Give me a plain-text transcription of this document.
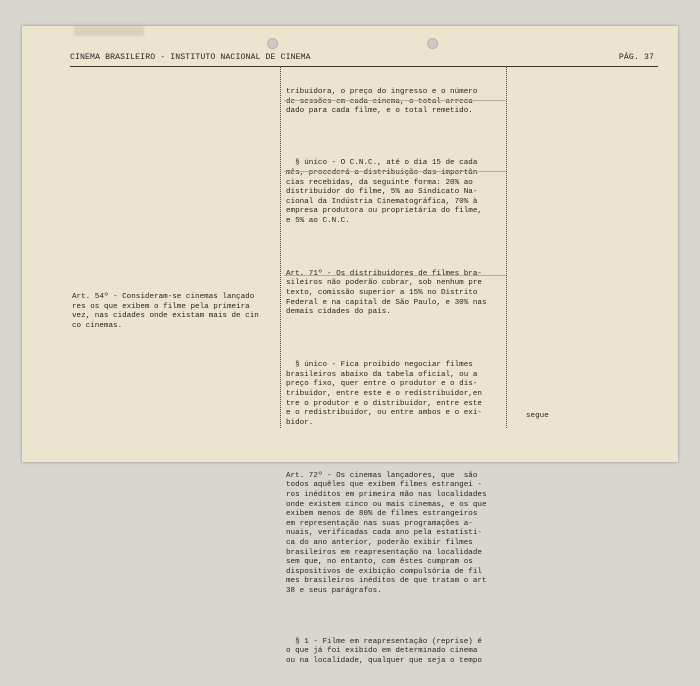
CINEMA BRASILEIRO - INSTITUTO NACIONAL DE CINEMA	PÁG. 37

Art. 54º - Consideram-se cinemas lançado
res os que exibem o filme pela primeira
vez, nas cidades onde existam mais de cin
co cinemas.

tribuidora, o preço do ingresso e o número
de sessões em cada cinema, o total arreca-
dado para cada filme, e o total remetido.

§ único - O C.N.C., até o dia 15 de cada
mês, procederá a distribuição das importân
cias recebidas, da seguinte forma: 20% ao
distribuidor do filme, 5% ao Sindicato Na-
cional da Indústria Cinematográfica, 70% à
empresa produtora ou proprietária do filme,
e 5% ao C.N.C.

Art. 71º - Os distribuidores de filmes bra-
sileiros não poderão cobrar, sob nenhum pre
texto, comissão superior a 15% no Distrito
Federal e na capital de São Paulo, e 30% nas
demais cidades do país.

§ único - Fica proibido negociar filmes
brasileiros abaixo da tabela oficial, ou a
preço fixo, quer entre o produtor e o dis-
tribuidor, entre este e o redistribuidor,en
tre o produtor e o distribuidor, entre este
e o redistribuidor, ou entre ambos e o exi-
bidor.

Art. 72º - Os cinemas lançadores, que  são
todos aquêles que exibem filmes estrangei -
ros inéditos em primeira mão nas localidades
onde existem cinco ou mais cinemas, e os que
exibem menos de 80% de filmes estrangeiros
em representação nas suas programações a-
nuais, verificadas cada ano pela estatísti-
ca do ano anterior, poderão exibir filmes
brasileiros em reapresentação na localidade
sem que, no entanto, com êstes cumpram os
dispositivos de exibição compulsória de fil
mes brasileiros inéditos de que tratam o art
38 e seus parágrafos.

§ 1 - Filme em reapresentação (reprise) é
o que já foi exibido em determinado cinema
ou na localidade, qualquer que seja o tempo

segue
